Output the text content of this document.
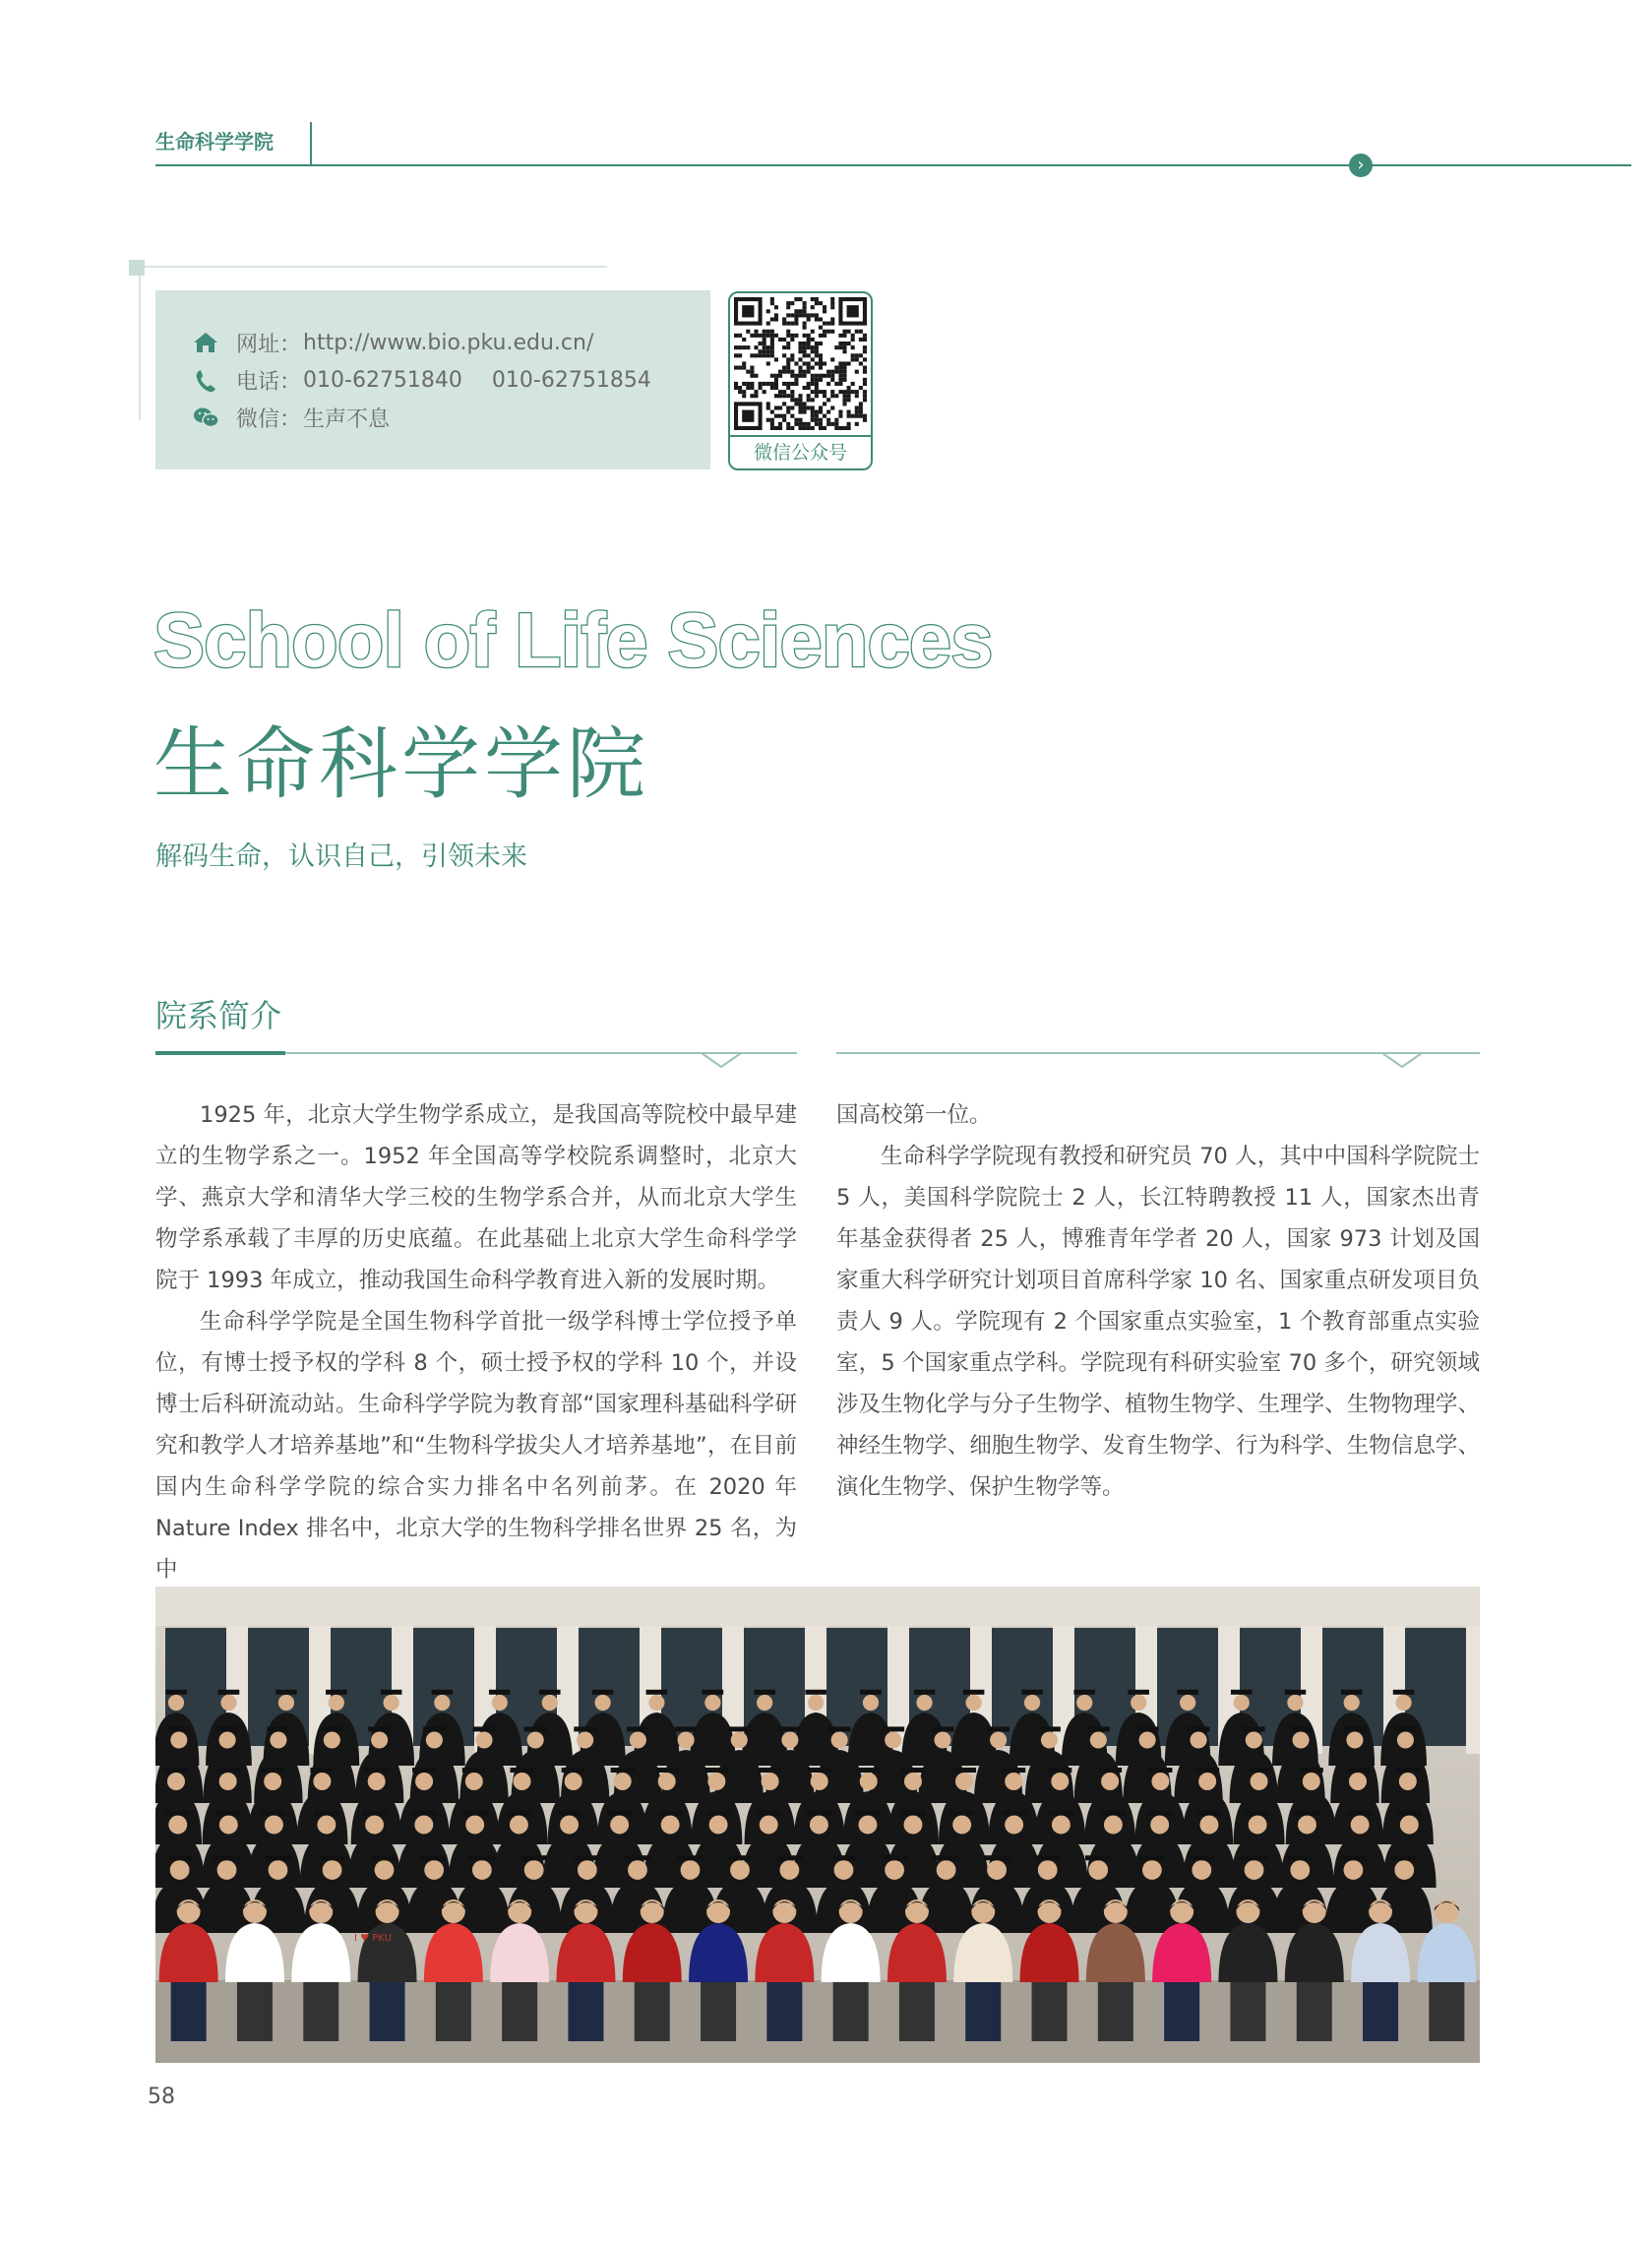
生命科学学院
›
网址： http://www.bio.pku.edu.cn/
电话： 010-62751840 010-62751854
微信： 生声不息
微信公众号
School of Life Sciences
生命科学学院
解码生命，认识自己，引领未来
院系简介

1925 年，北京大学生物学系成立，是我国高等院校中最早建立的生物学系之一。1952 年全国高等学校院系调整时，北京大学、燕京大学和清华大学三校的生物学系合并，从而北京大学生物学系承载了丰厚的历史底蕴。在此基础上北京大学生命科学学院于 1993 年成立，推动我国生命科学教育进入新的发展时期。

生命科学学院是全国生物科学首批一级学科博士学位授予单位，有博士授予权的学科 8 个，硕士授予权的学科 10 个，并设博士后科研流动站。生命科学学院为教育部“国家理科基础科学研究和教学人才培养基地”和“生物科学拔尖人才培养基地”，在目前国内生命科学学院的综合实力排名中名列前茅。在 2020 年 Nature Index 排名中，北京大学的生物科学排名世界 25 名，为中

国高校第一位。

生命科学学院现有教授和研究员 70 人，其中中国科学院院士 5 人，美国科学院院士 2 人，长江特聘教授 11 人，国家杰出青年基金获得者 25 人，博雅青年学者 20 人，国家 973 计划及国家重大科学研究计划项目首席科学家 10 名、国家重点研发项目负责人 9 人。学院现有 2 个国家重点实验室，1 个教育部重点实验室，5 个国家重点学科。学院现有科研实验室 70 多个，研究领域涉及生物化学与分子生物学、植物生物学、生理学、生物物理学、神经生物学、细胞生物学、发育生物学、行为科学、生物信息学、演化生物学、保护生物学等。

I ♥ PKU
58
